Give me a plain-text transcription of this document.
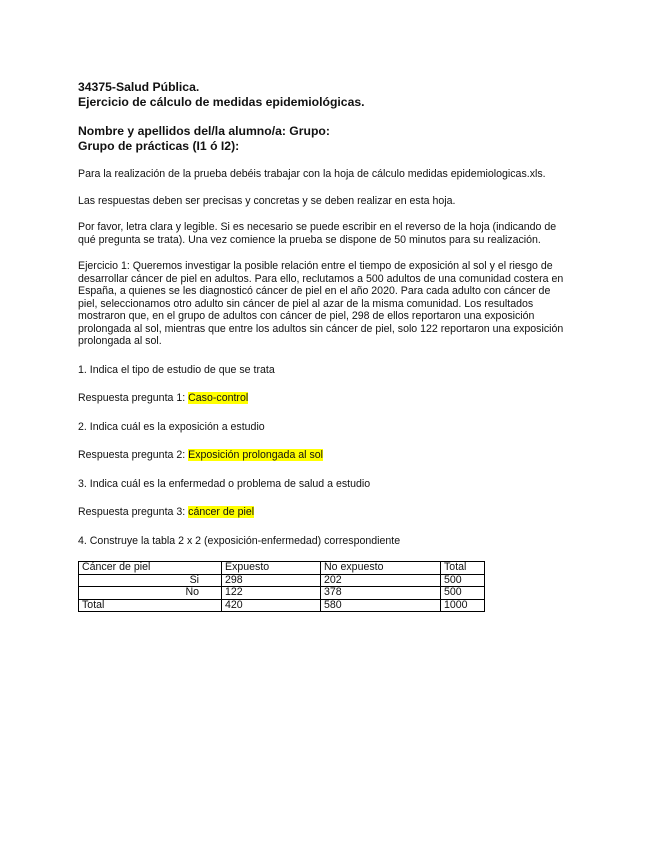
34375-Salud Pública.

Ejercicio de cálculo de medidas epidemiológicas.

Nombre y apellidos del/la alumno/a: Grupo:

Grupo de prácticas (I1 ó I2):

Para la realización de la prueba debéis trabajar con la hoja de cálculo medidas epidemiologicas.xls.

Las respuestas deben ser precisas y concretas y se deben realizar en esta hoja.

Por favor, letra clara y legible. Si es necesario se puede escribir en el reverso de la hoja (indicando de qué pregunta se trata). Una vez comience la prueba se dispone de 50 minutos para su realización.

Ejercicio 1: Queremos investigar la posible relación entre el tiempo de exposición al sol y el riesgo de desarrollar cáncer de piel en adultos. Para ello, reclutamos a 500 adultos de una comunidad costera en España, a quienes se les diagnosticó cáncer de piel en el año 2020. Para cada adulto con cáncer de piel, seleccionamos otro adulto sin cáncer de piel al azar de la misma comunidad. Los resultados mostraron que, en el grupo de adultos con cáncer de piel, 298 de ellos reportaron una exposición prolongada al sol, mientras que entre los adultos sin cáncer de piel, solo 122 reportaron una exposición prolongada al sol.

1. Indica el tipo de estudio de que se trata

Respuesta pregunta 1: Caso-control

2. Indica cuál es la exposición a estudio

Respuesta pregunta 2: Exposición prolongada al sol

3. Indica cuál es la enfermedad o problema de salud a estudio

Respuesta pregunta 3: cáncer de piel

4. Construye la tabla 2 x 2 (exposición-enfermedad) correspondiente

Cáncer de piel	Expuesto	No expuesto	Total
Si	298	202	500
No	122	378	500
Total	420	580	1000
